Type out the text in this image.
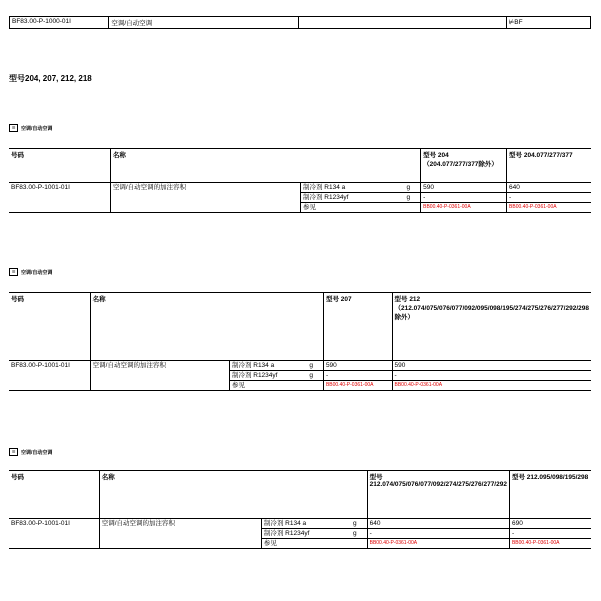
BF83.00-P-1000-01I	空调/自动空调		⊭BF
型号204, 207, 212, 218
☰	空调/自动空调
号码	名称		型号 204 （204.077/277/377除外）	型号 204.077/277/377
BF83.00-P-1001-01I	空调/自动空调的加注容积	制冷剂 R134 a g	590	640
		制冷剂 R1234yf g	-	-
		参见	BB00.40-P-0361-00A	BB00.40-P-0361-00A
☰	空调/自动空调
号码	名称		型号 207	型号 212 （212.074/075/076/077/092/095/098/195/274/275/276/277/292/298除外）
BF83.00-P-1001-01I	空调/自动空调的加注容积	制冷剂 R134 a g	590	590
		制冷剂 R1234yf g	-	-
		参见	BB00.40-P-0361-00A	BB00.40-P-0361-00A
☰	空调/自动空调
号码	名称		型号 212.074/075/076/077/092/274/275/276/277/292	型号 212.095/098/195/298
BF83.00-P-1001-01I	空调/自动空调的加注容积	制冷剂 R134 a g	640	690
		制冷剂 R1234yf g	-	-
		参见	BB00.40-P-0361-00A	BB00.40-P-0361-00A
